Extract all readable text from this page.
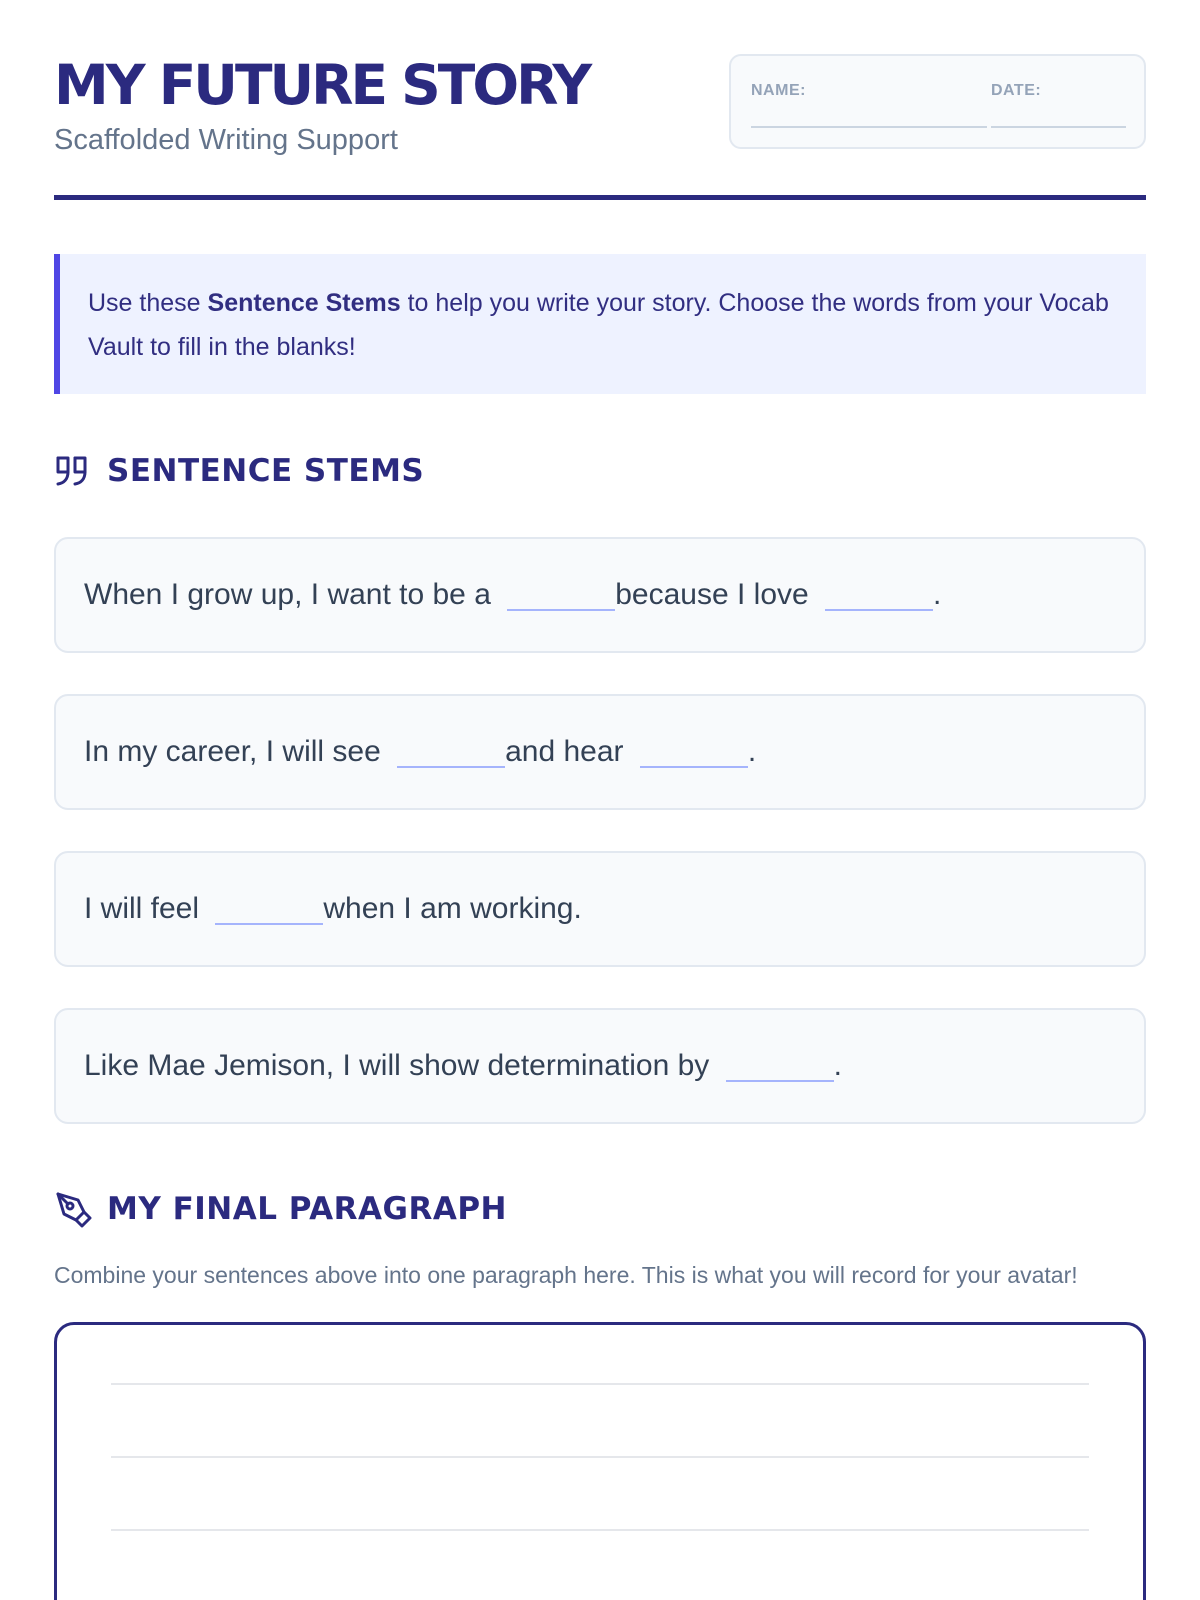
MY FUTURE STORY
Scaffolded Writing Support
NAME:	DATE:
Use these Sentence Stems to help you write your story. Choose the words from your Vocab Vault to fill in the blanks!
SENTENCE STEMS
When I grow up, I want to be a	because I love	.
In my career, I will see	and hear	.
I will feel	when I am working.
Like Mae Jemison, I will show determination by	.
MY FINAL PARAGRAPH

Combine your sentences above into one paragraph here. This is what you will record for your avatar!
